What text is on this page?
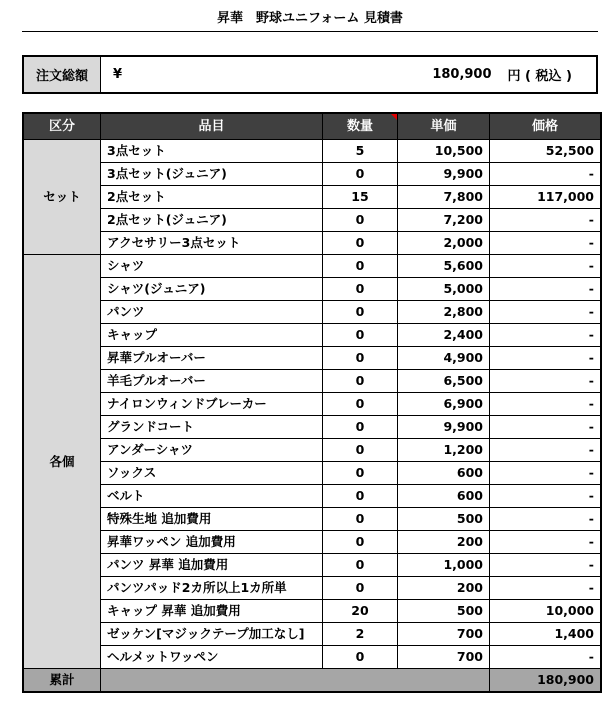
昇華　野球ユニフォーム 見積書
注文総額	¥	180,900 円 ( 税込 )
区分	品目	数量	単価	価格
セット	3点セット	5	10,500	52,500
	3点セット(ジュニア)	0	9,900	-
	2点セット	15	7,800	117,000
	2点セット(ジュニア)	0	7,200	-
	アクセサリー3点セット	0	2,000	-
各個	シャツ	0	5,600	-
	シャツ(ジュニア)	0	5,000	-
	パンツ	0	2,800	-
	キャップ	0	2,400	-
	昇華プルオーバー	0	4,900	-
	羊毛プルオーバー	0	6,500	-
	ナイロンウィンドブレーカー	0	6,900	-
	グランドコート	0	9,900	-
	アンダーシャツ	0	1,200	-
	ソックス	0	600	-
	ベルト	0	600	-
	特殊生地 追加費用	0	500	-
	昇華ワッペン 追加費用	0	200	-
	パンツ 昇華 追加費用	0	1,000	-
	パンツパッド2カ所以上1カ所単	0	200	-
	キャップ 昇華 追加費用	20	500	10,000
	ゼッケン[マジックテープ加工なし]	2	700	1,400
	ヘルメットワッペン	0	700	-
累計				180,900
